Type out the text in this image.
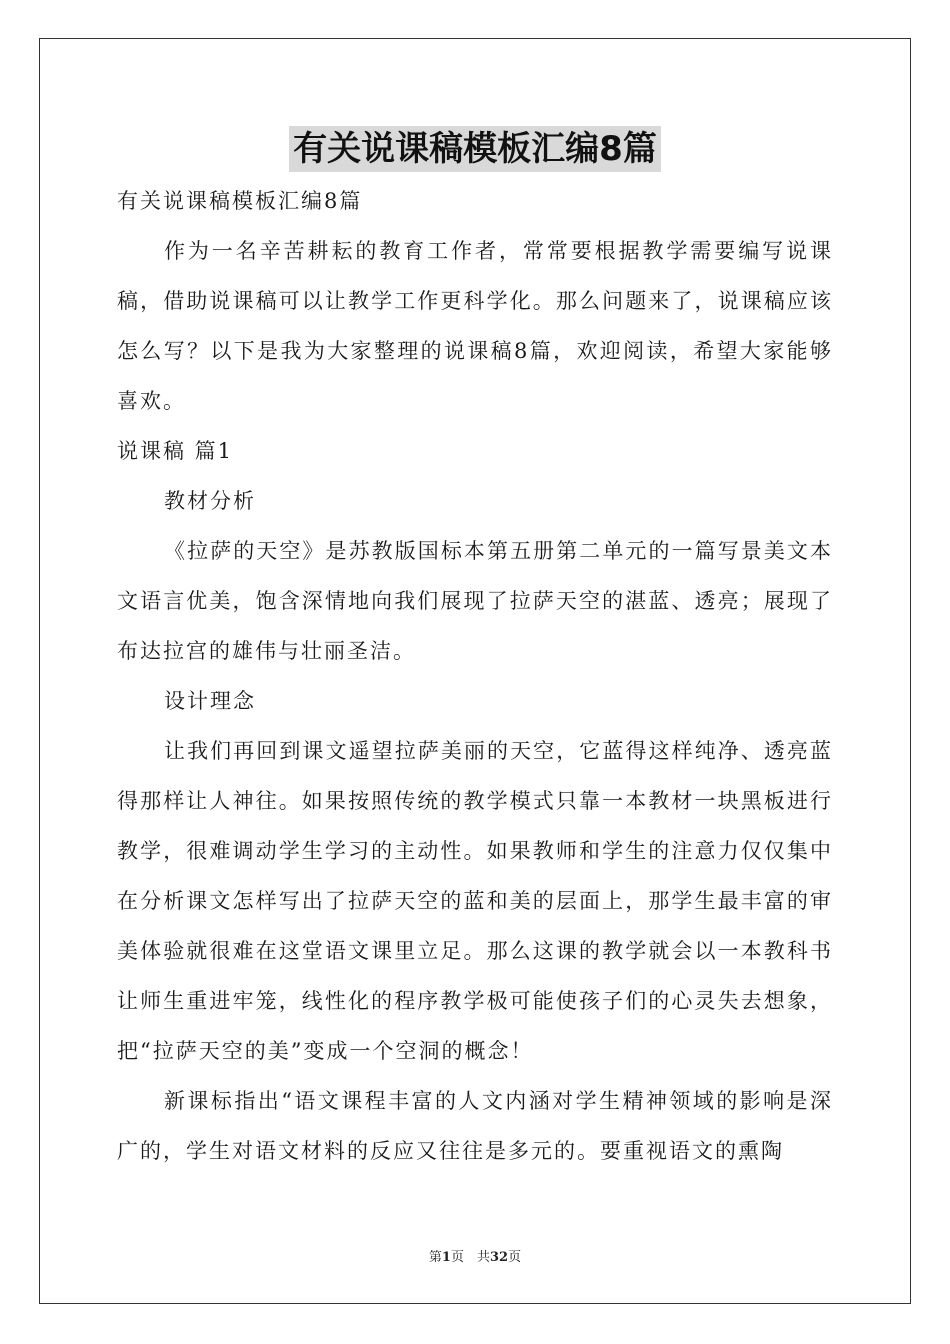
有关说课稿模板汇编8篇

有关说课稿模板汇编8篇

作为一名辛苦耕耘的教育工作者，常常要根据教学需要编写说课稿，借助说课稿可以让教学工作更科学化。那么问题来了，说课稿应该怎么写？以下是我为大家整理的说课稿8篇，欢迎阅读，希望大家能够喜欢。

说课稿 篇1

教材分析

《拉萨的天空》是苏教版国标本第五册第二单元的一篇写景美文本文语言优美，饱含深情地向我们展现了拉萨天空的湛蓝、透亮；展现了布达拉宫的雄伟与壮丽圣洁。

设计理念

让我们再回到课文遥望拉萨美丽的天空，它蓝得这样纯净、透亮蓝得那样让人神往。如果按照传统的教学模式只靠一本教材一块黑板进行教学，很难调动学生学习的主动性。如果教师和学生的注意力仅仅集中在分析课文怎样写出了拉萨天空的蓝和美的层面上，那学生最丰富的审美体验就很难在这堂语文课里立足。那么这课的教学就会以一本教科书让师生重进牢笼，线性化的程序教学极可能使孩子们的心灵失去想象，把“拉萨天空的美”变成一个空洞的概念！

新课标指出“语文课程丰富的人文内涵对学生精神领域的影响是深广的，学生对语文材料的反应又往往是多元的。要重视语文的熏陶

第1页　共32页
